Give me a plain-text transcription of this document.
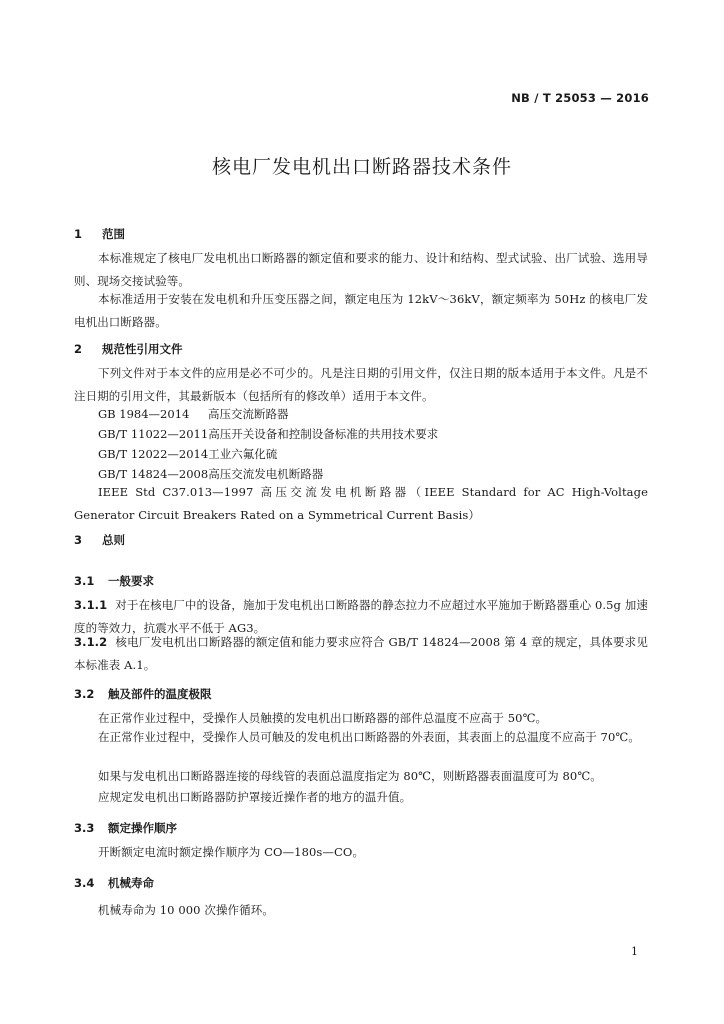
NB / T 25053 — 2016
核电厂发电机出口断路器技术条件
1 范围
本标准规定了核电厂发电机出口断路器的额定值和要求的能力、设计和结构、型式试验、出厂试验、选用导则、现场交接试验等。
本标准适用于安装在发电机和升压变压器之间，额定电压为 12kV～36kV，额定频率为 50Hz 的核电厂发电机出口断路器。
2 规范性引用文件
下列文件对于本文件的应用是必不可少的。凡是注日期的引用文件，仅注日期的版本适用于本文件。凡是不注日期的引用文件，其最新版本（包括所有的修改单）适用于本文件。
GB 1984—2014 高压交流断路器
GB/T 11022—2011高压开关设备和控制设备标准的共用技术要求
GB/T 12022—2014工业六氟化硫
GB/T 14824—2008高压交流发电机断路器
IEEE Std C37.013—1997 高压交流发电机断路器（IEEE Standard for AC High-Voltage Generator Circuit Breakers Rated on a Symmetrical Current Basis）
3 总则
3.1 一般要求
3.1.1 对于在核电厂中的设备，施加于发电机出口断路器的静态拉力不应超过水平施加于断路器重心 0.5g 加速度的等效力，抗震水平不低于 AG3。
3.1.2 核电厂发电机出口断路器的额定值和能力要求应符合 GB/T 14824—2008 第 4 章的规定，具体要求见本标准表 A.1。
3.2 触及部件的温度极限
在正常作业过程中，受操作人员触摸的发电机出口断路器的部件总温度不应高于 50℃。
在正常作业过程中，受操作人员可触及的发电机出口断路器的外表面，其表面上的总温度不应高于 70℃。
如果与发电机出口断路器连接的母线管的表面总温度指定为 80℃，则断路器表面温度可为 80℃。
应规定发电机出口断路器防护罩接近操作者的地方的温升值。
3.3 额定操作顺序
开断额定电流时额定操作顺序为 CO—180s—CO。
3.4 机械寿命
机械寿命为 10 000 次操作循环。
1
